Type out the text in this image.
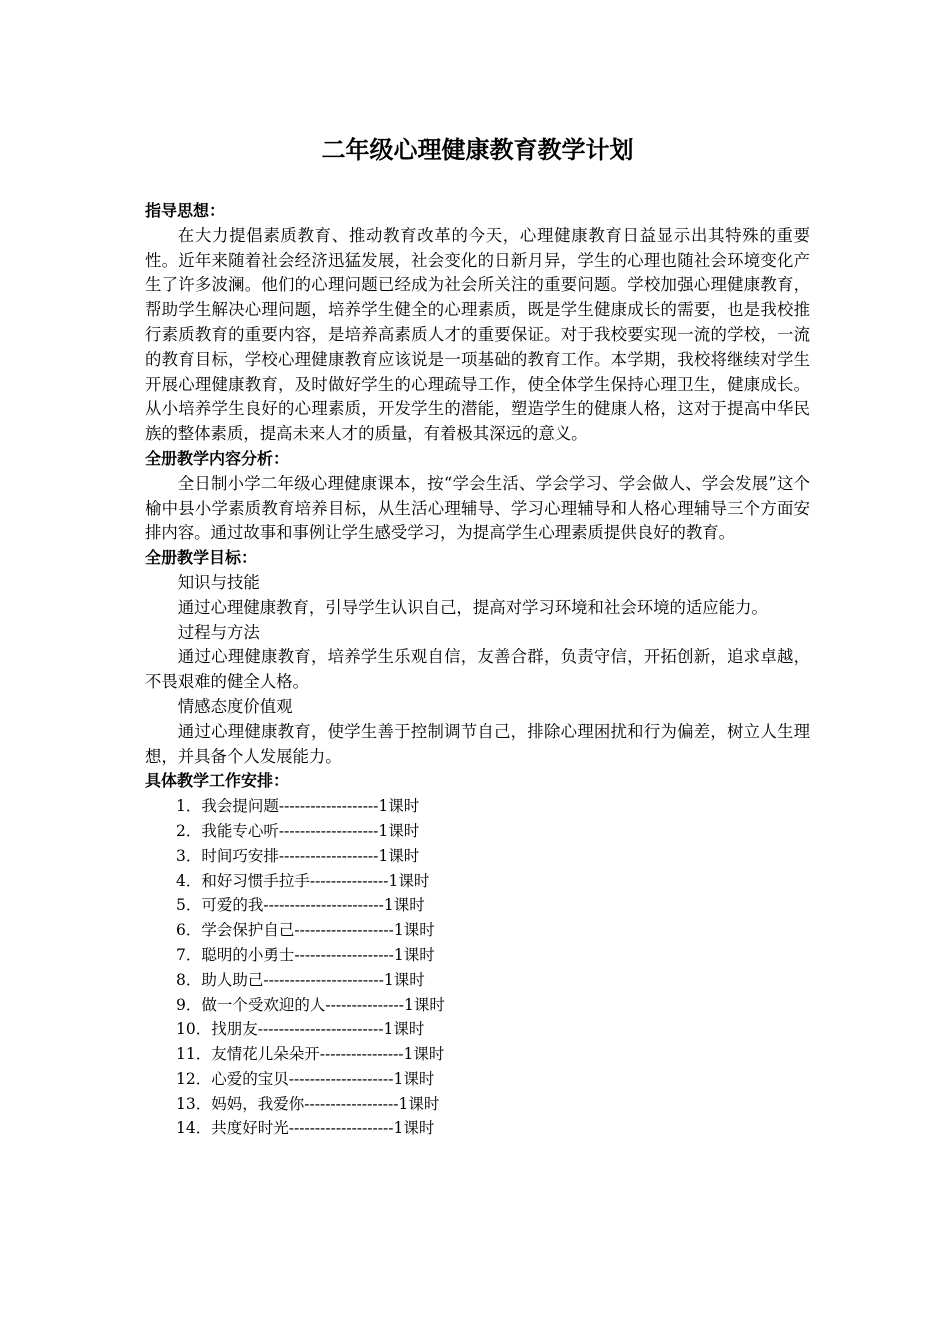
二年级心理健康教育教学计划

指导思想：

在大力提倡素质教育、推动教育改革的今天，心理健康教育日益显示出其特殊的重要性。近年来随着社会经济迅猛发展，社会变化的日新月异，学生的心理也随社会环境变化产生了许多波澜。他们的心理问题已经成为社会所关注的重要问题。学校加强心理健康教育，帮助学生解决心理问题，培养学生健全的心理素质，既是学生健康成长的需要，也是我校推行素质教育的重要内容，是培养高素质人才的重要保证。对于我校要实现一流的学校，一流的教育目标，学校心理健康教育应该说是一项基础的教育工作。本学期，我校将继续对学生开展心理健康教育，及时做好学生的心理疏导工作，使全体学生保持心理卫生，健康成长。从小培养学生良好的心理素质，开发学生的潜能，塑造学生的健康人格，这对于提高中华民族的整体素质，提高未来人才的质量，有着极其深远的意义。

全册教学内容分析：

全日制小学二年级心理健康课本，按“学会生活、学会学习、学会做人、学会发展”这个榆中县小学素质教育培养目标，从生活心理辅导、学习心理辅导和人格心理辅导三个方面安排内容。通过故事和事例让学生感受学习，为提高学生心理素质提供良好的教育。

全册教学目标：

知识与技能

通过心理健康教育，引导学生认识自己，提高对学习环境和社会环境的适应能力。

过程与方法

通过心理健康教育，培养学生乐观自信，友善合群，负责守信，开拓创新，追求卓越，不畏艰难的健全人格。

情感态度价值观

通过心理健康教育，使学生善于控制调节自己，排除心理困扰和行为偏差，树立人生理想，并具备个人发展能力。

具体教学工作安排：

1．我会提问题-------------------1课时
2．我能专心听-------------------1课时
3．时间巧安排-------------------1课时
4．和好习惯手拉手---------------1课时
5．可爱的我-----------------------1课时
6．学会保护自己-------------------1课时
7．聪明的小勇士-------------------1课时
8．助人助己-----------------------1课时
9．做一个受欢迎的人---------------1课时
10．找朋友------------------------1课时
11．友情花儿朵朵开----------------1课时
12．心爱的宝贝--------------------1课时
13．妈妈，我爱你------------------1课时
14．共度好时光--------------------1课时
